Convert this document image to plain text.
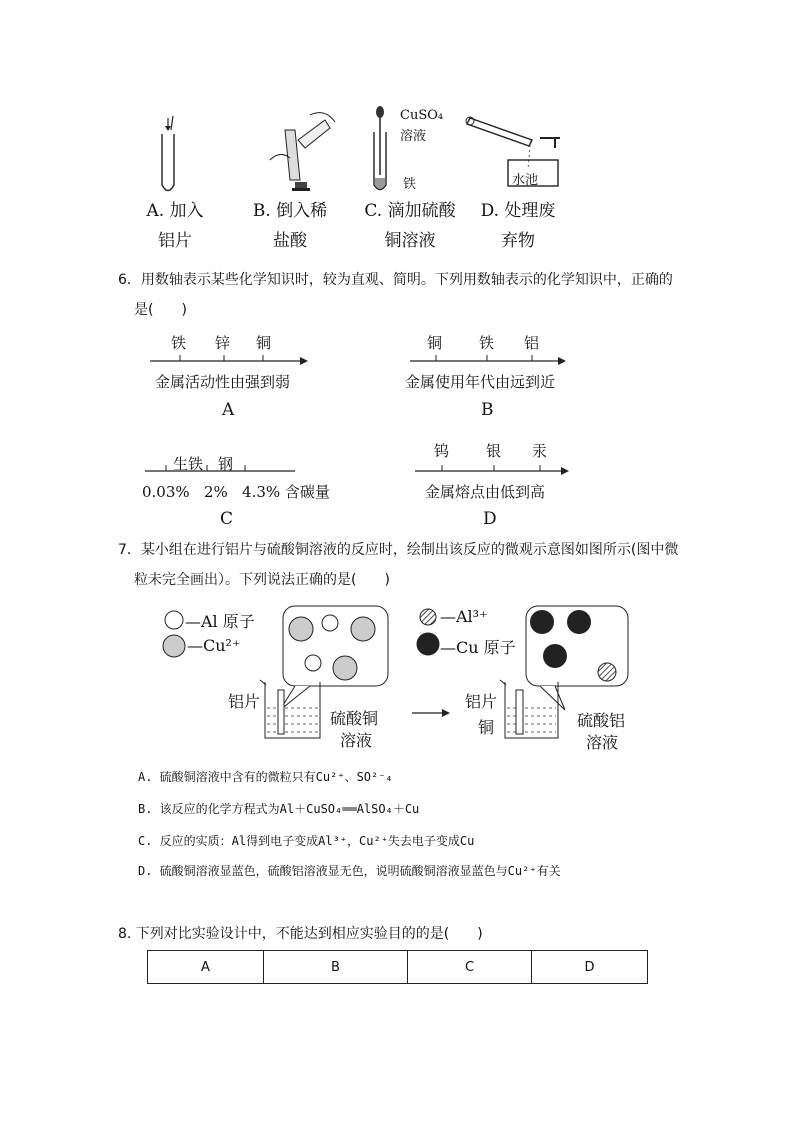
CuSO₄
溶液
铁	水池
A. 加入
铝片
B. 倒入稀
盐酸
C. 滴加硫酸
铜溶液
D. 处理废
弃物
6．用数轴表示某些化学知识时，较为直观、简明。下列用数轴表示的化学知识中，正确的
是(　　)
铁 锌 铜
金属活动性由强到弱
A
铜 铁 铝
金属使用年代由远到近
B
生铁 钢
0.03%   2%   4.3% 含碳量
C
钨 银 汞
金属熔点由低到高
D
7．某小组在进行铝片与硫酸铜溶液的反应时，绘制出该反应的微观示意图如图所示(图中微
粒未完全画出）。下列说法正确的是(　　)
—Al 原子
—Cu²⁺
—Al³⁺
—Cu 原子
铝片
硫酸铜
溶液
铝片
铜	硫酸铝
溶液
A. 硫酸铜溶液中含有的微粒只有Cu²⁺、SO²⁻₄
B. 该反应的化学方程式为Al＋CuSO₄══AlSO₄＋Cu
C. 反应的实质：Al得到电子变成Al³⁺，Cu²⁺失去电子变成Cu
D. 硫酸铜溶液显蓝色，硫酸铝溶液显无色，说明硫酸铜溶液显蓝色与Cu²⁺有关
8. 下列对比实验设计中，不能达到相应实验目的的是(　　)
A	B	C	D
